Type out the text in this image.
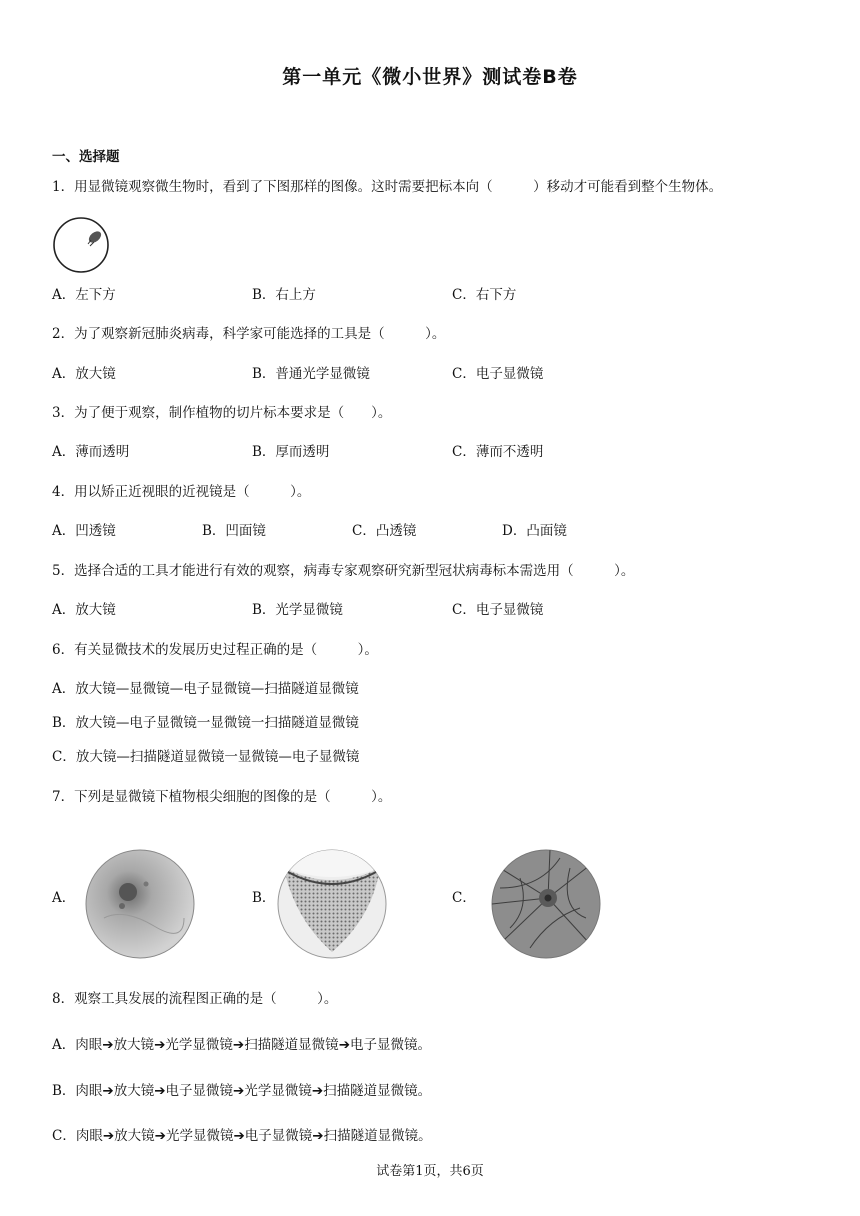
第一单元《微小世界》测试卷B卷
一、选择题
1．用显微镜观察微生物时，看到了下图那样的图像。这时需要把标本向（　　　）移动才可能看到整个生物体。
A．左下方	B．右上方	C．右下方
2．为了观察新冠肺炎病毒，科学家可能选择的工具是（　　　）。
A．放大镜	B．普通光学显微镜	C．电子显微镜
3．为了便于观察，制作植物的切片标本要求是（　　）。
A．薄而透明	B．厚而透明	C．薄而不透明
4．用以矫正近视眼的近视镜是（　　　）。
A．凹透镜	B．凹面镜	C．凸透镜	D．凸面镜
5．选择合适的工具才能进行有效的观察，病毒专家观察研究新型冠状病毒标本需选用（　　　）。
A．放大镜	B．光学显微镜	C．电子显微镜
6．有关显微技术的发展历史过程正确的是（　　　）。
A．放大镜—显微镜—电子显微镜—扫描隧道显微镜
B．放大镜—电子显微镜一显微镜一扫描隧道显微镜
C．放大镜—扫描隧道显微镜一显微镜—电子显微镜
7．下列是显微镜下植物根尖细胞的图像的是（　　　）。
A．	B．	C．
8．观察工具发展的流程图正确的是（　　　）。
A．肉眼➔放大镜➔光学显微镜➔扫描隧道显微镜➔电子显微镜。
B．肉眼➔放大镜➔电子显微镜➔光学显微镜➔扫描隧道显微镜。
C．肉眼➔放大镜➔光学显微镜➔电子显微镜➔扫描隧道显微镜。
试卷第1页，共6页
